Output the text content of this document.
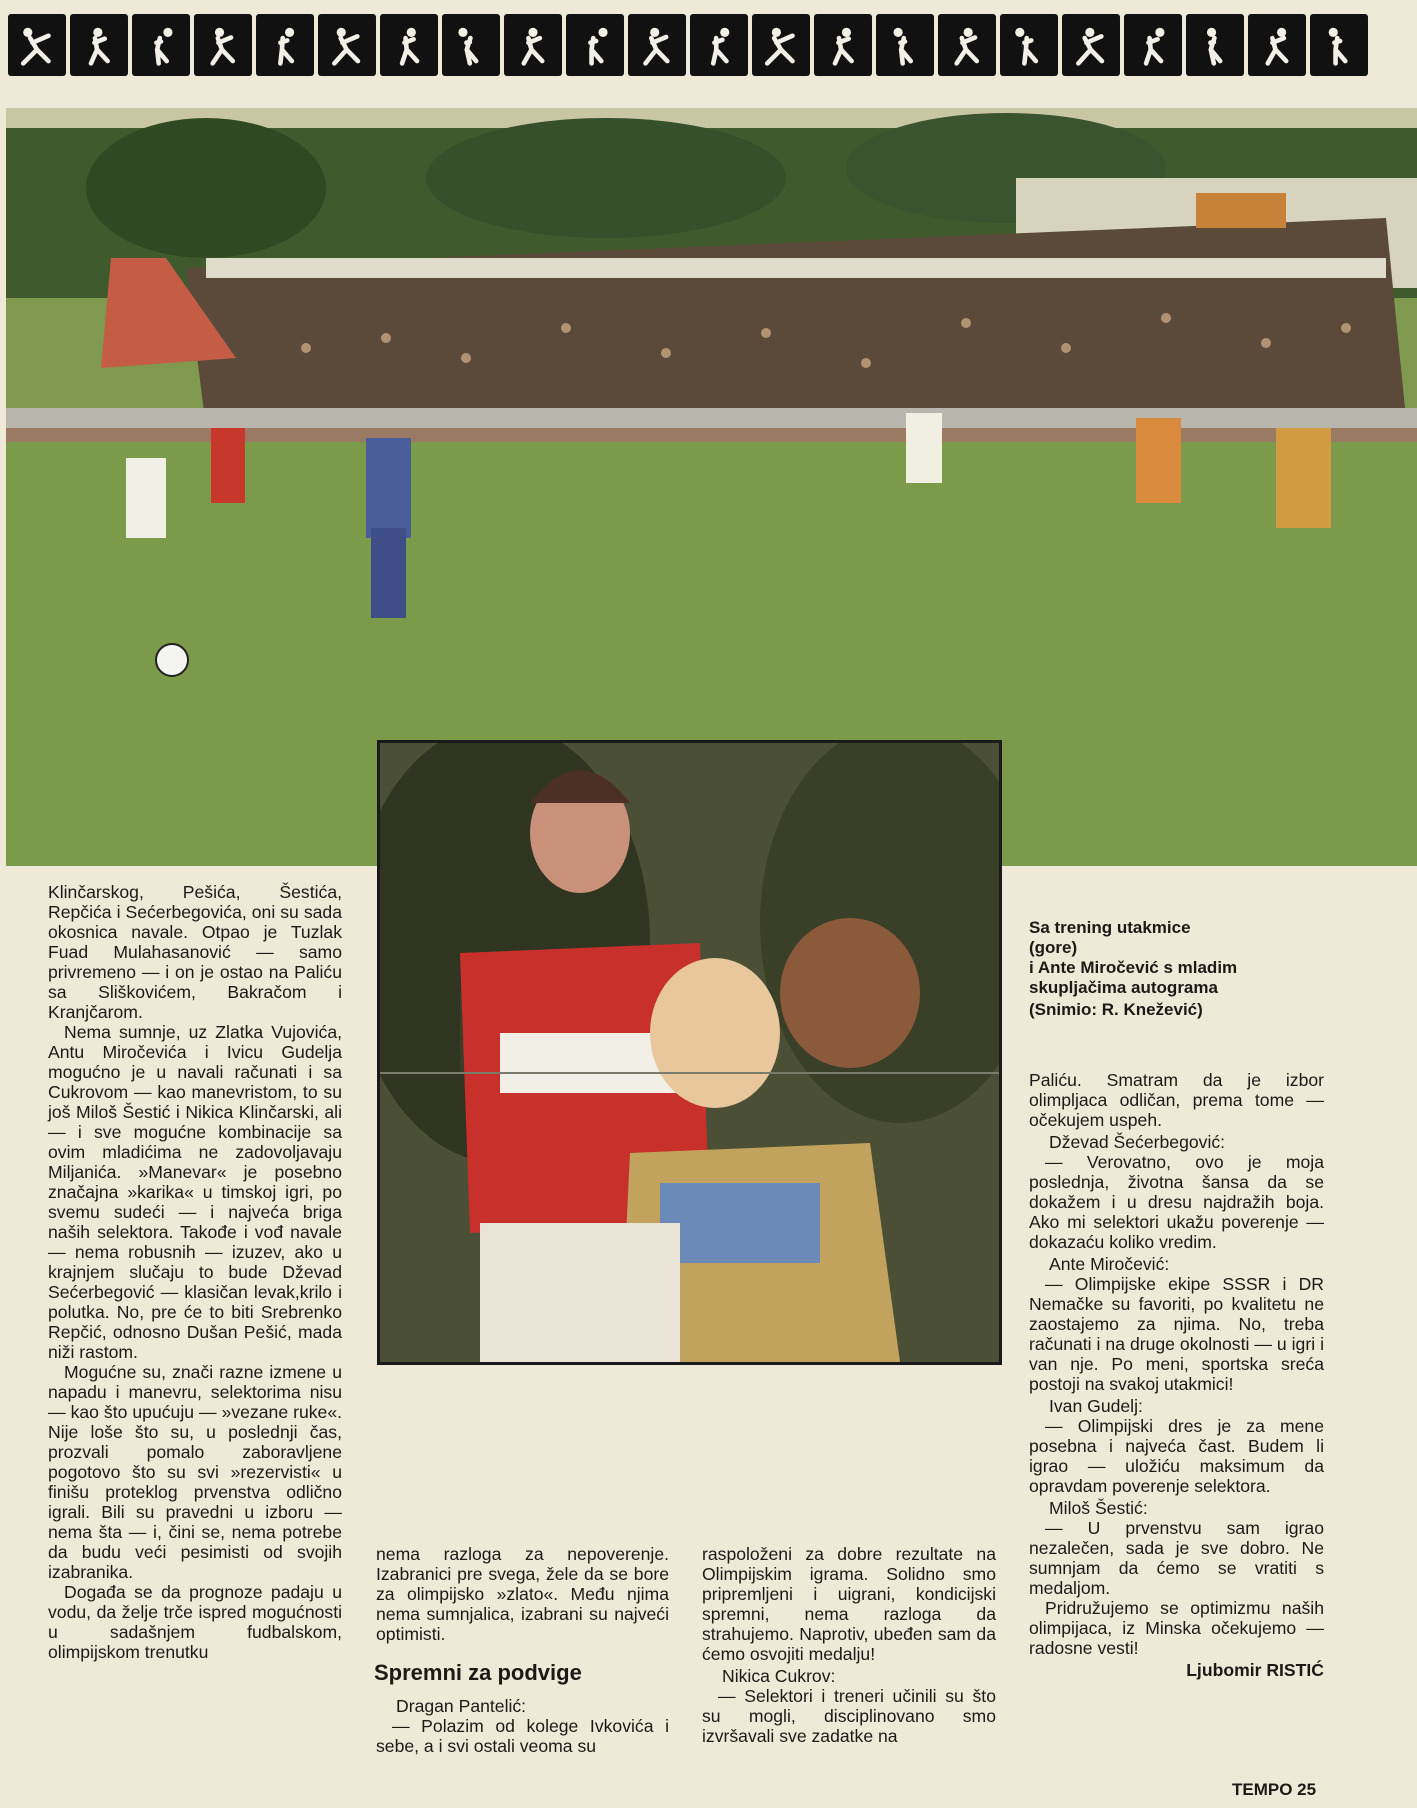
Sa trening utakmice
(gore)
i Ante Miročević s mladim
skupljačima autograma

(Snimio: R. Knežević)

Klinčarskog, Pešića, Šestića, Repčića i Sećerbegovića, oni su sada okosnica navale. Otpao je Tuzlak Fuad Mulahasanović — samo privremeno — i on je ostao na Paliću sa Sliškovićem, Bakračom i Kranjčarom.

Nema sumnje, uz Zlatka Vujovića, Antu Miročevića i Ivicu Gudelja mogućno je u navali računati i sa Cukrovom — kao manevristom, to su još Miloš Šestić i Nikica Klinčarski, ali — i sve mogućne kombinacije sa ovim mladićima ne zadovoljavaju Miljanića. »Manevar« je posebno značajna »karika« u timskoj igri, po svemu sudeći — i najveća briga naših selektora. Takođe i vođ navale — nema robusnih — izuzev, ako u krajnjem slučaju to bude Dževad Sećerbegović — klasičan levak,krilo i polutka. No, pre će to biti Srebrenko Repčić, odnosno Dušan Pešić, mada niži rastom.

Mogućne su, znači razne izmene u napadu i manevru, selektorima nisu — kao što upućuju — »vezane ruke«. Nije loše što su, u poslednji čas, prozvali pomalo zaboravljene pogotovo što su svi »rezervisti« u finišu proteklog prvenstva odlično igrali. Bili su pravedni u izboru — nema šta — i, čini se, nema potrebe da budu veći pesimisti od svojih izabranika.

Događa se da prognoze padaju u vodu, da želje trče ispred mogućnosti u sadašnjem fudbalskom, olimpijskom trenutku

nema razloga za nepoverenje. Izabranici pre svega, žele da se bore za olimpijsko »zlato«. Među njima nema sumnjalica, izabrani su najveći optimisti.

Spremni za podvige

Dragan Pantelić:

— Polazim od kolege Ivkovića i sebe, a i svi ostali veoma su

raspoloženi za dobre rezultate na Olimpijskim igrama. Solidno smo pripremljeni i uigrani, kondicijski spremni, nema razloga da strahujemo. Naprotiv, ubeđen sam da ćemo osvojiti medalju!

Nikica Cukrov:

— Selektori i treneri učinili su što su mogli, disciplinovano smo izvršavali sve zadatke na

Paliću. Smatram da je izbor olimpljaca odličan, prema tome — očekujem uspeh.

Dževad Šećerbegović:

— Verovatno, ovo je moja poslednja, životna šansa da se dokažem i u dresu najdražih boja. Ako mi selektori ukažu poverenje — dokazaću koliko vredim.

Ante Miročević:

— Olimpijske ekipe SSSR i DR Nemačke su favoriti, po kvalitetu ne zaostajemo za njima. No, treba računati i na druge okolnosti — u igri i van nje. Po meni, sportska sreća postoji na svakoj utakmici!

Ivan Gudelj:

— Olimpijski dres je za mene posebna i najveća čast. Budem li igrao — uložiću maksimum da opravdam poverenje selektora.

Miloš Šestić:

— U prvenstvu sam igrao nezalečen, sada je sve dobro. Ne sumnjam da ćemo se vratiti s medaljom.

Pridružujemo se optimizmu naših olimpijaca, iz Minska očekujemo — radosne vesti!

Ljubomir RISTIĆ
TEMPO 25
